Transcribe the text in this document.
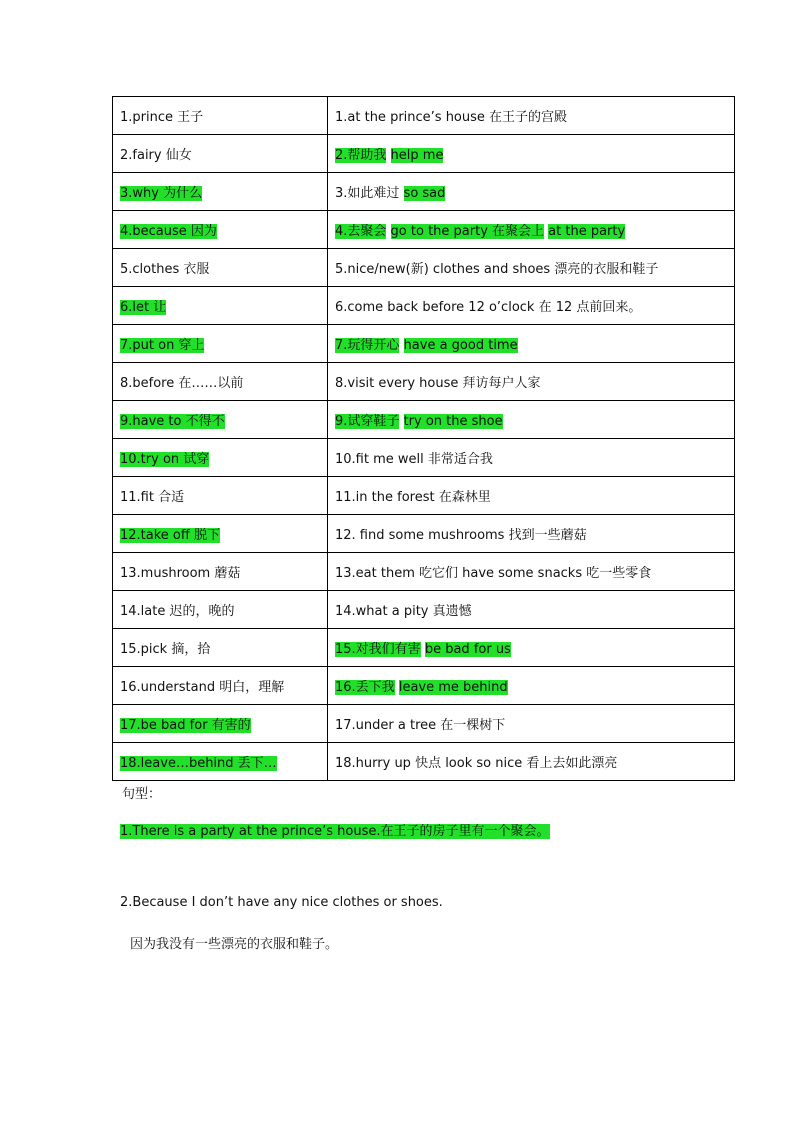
1.prince 王子	1.at the prince’s house 在王子的宫殿
2.fairy 仙女	2.帮助我 help me
3.why 为什么	3.如此难过 so sad
4.because 因为	4.去聚会 go to the party 在聚会上 at the party
5.clothes 衣服	5.nice/new(新) clothes and shoes 漂亮的衣服和鞋子
6.let 让	6.come back before 12 o’clock 在 12 点前回来。
7.put on 穿上	7.玩得开心 have a good time
8.before 在……以前	8.visit every house 拜访每户人家
9.have to 不得不	9.试穿鞋子 try on the shoe
10.try on 试穿	10.fit me well 非常适合我
11.fit 合适	11.in the forest 在森林里
12.take off 脱下	12. find some mushrooms 找到一些蘑菇
13.mushroom 蘑菇	13.eat them 吃它们 have some snacks 吃一些零食
14.late 迟的，晚的	14.what a pity 真遗憾
15.pick 摘，拾	15.对我们有害 be bad for us
16.understand 明白，理解	16.丢下我 leave me behind
17.be bad for 有害的	17.under a tree 在一棵树下
18.leave…behind 丢下…	18.hurry up 快点 look so nice 看上去如此漂亮
句型：
1.There is a party at the prince’s house.在王子的房子里有一个聚会。
2.Because I don’t have any nice clothes or shoes.
因为我没有一些漂亮的衣服和鞋子。
